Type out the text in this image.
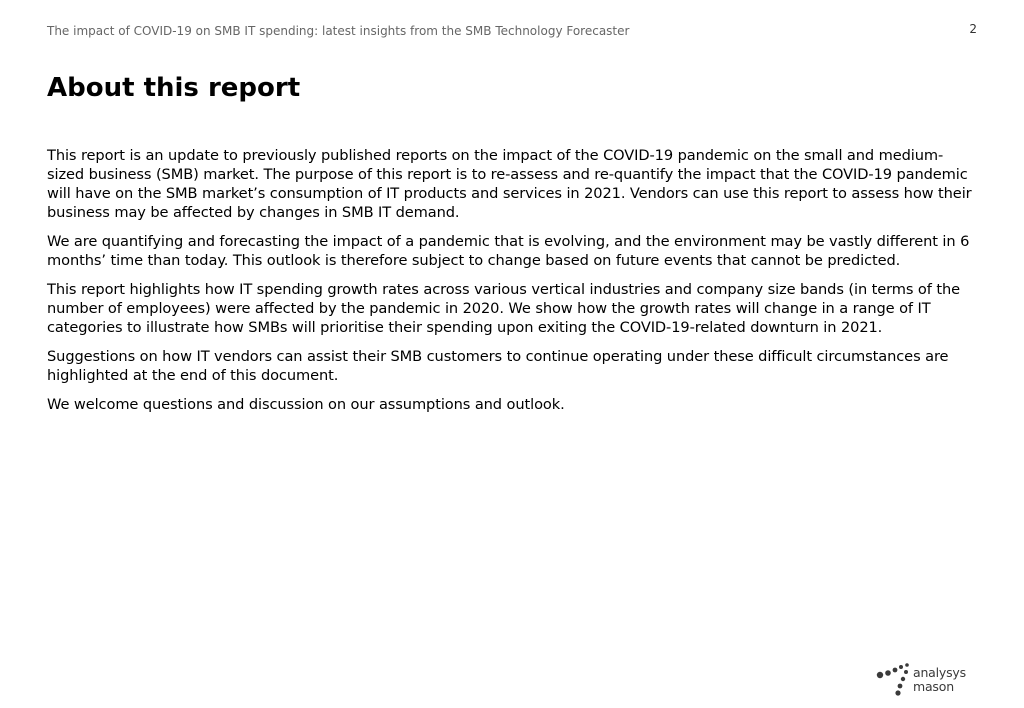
The impact of COVID-19 on SMB IT spending: latest insights from the SMB Technology Forecaster	2
About this report

This report is an update to previously published reports on the impact of the COVID-19 pandemic on the small and medium-sized business (SMB) market. The purpose of this report is to re-assess and re-quantify the impact that the COVID-19 pandemic will have on the SMB market’s consumption of IT products and services in 2021. Vendors can use this report to assess how their business may be affected by changes in SMB IT demand.

We are quantifying and forecasting the impact of a pandemic that is evolving, and the environment may be vastly different in 6 months’ time than today. This outlook is therefore subject to change based on future events that cannot be predicted.

This report highlights how IT spending growth rates across various vertical industries and company size bands (in terms of the number of employees) were affected by the pandemic in 2020. We show how the growth rates will change in a range of IT categories to illustrate how SMBs will prioritise their spending upon exiting the COVID-19-related downturn in 2021.

Suggestions on how IT vendors can assist their SMB customers to continue operating under these difficult circumstances are highlighted at the end of this document.

We welcome questions and discussion on our assumptions and outlook.

analysys
mason
